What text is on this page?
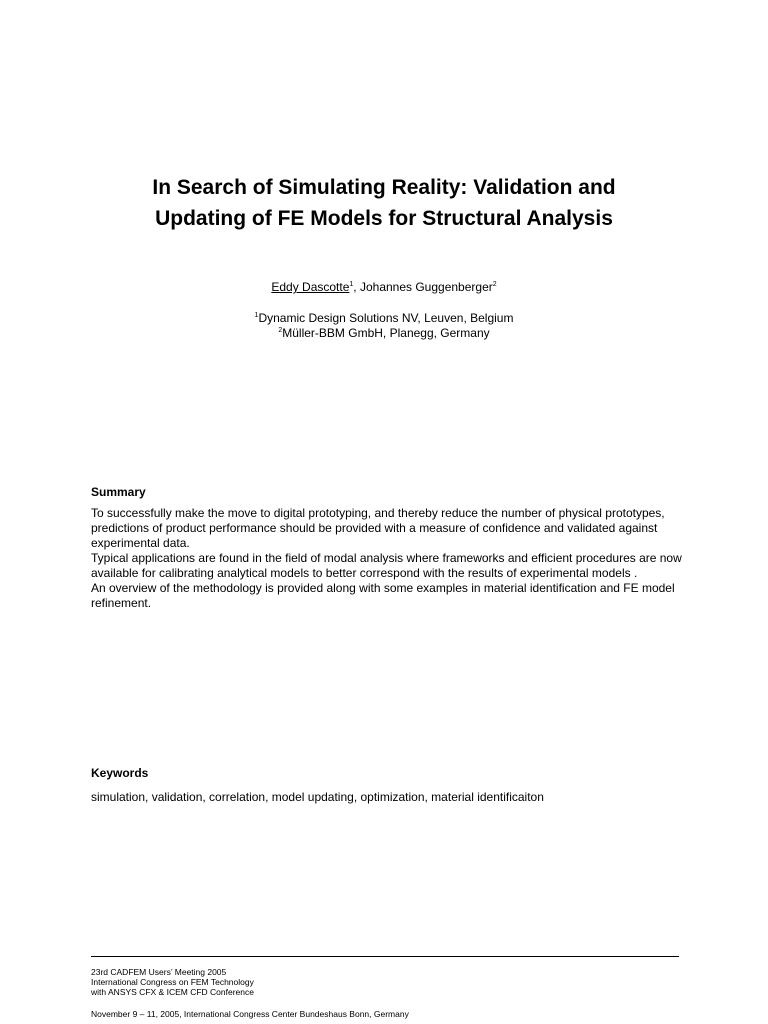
In Search of Simulating Reality: Validation and
Updating of FE Models for Structural Analysis
Eddy Dascotte$^1$, Johannes Guggenberger$^2$
$^1$Dynamic Design Solutions NV, Leuven, Belgium
$^2$Müller-BBM GmbH, Planegg, Germany
Summary

To successfully make the move to digital prototyping, and thereby reduce the number of physical prototypes, predictions of product performance should be provided with a measure of confidence and validated against experimental data.

Typical applications are found in the field of modal analysis where frameworks and efficient procedures are now available for calibrating analytical models to better correspond with the results of experimental models .

An overview of the methodology is provided along with some examples in material identification and FE model refinement.

Keywords
simulation, validation, correlation, model updating, optimization, material identificaiton
23rd CADFEM Users’ Meeting 2005
International Congress on FEM Technology
with ANSYS CFX & ICEM CFD Conference
November 9 – 11, 2005, International Congress Center Bundeshaus Bonn, Germany
